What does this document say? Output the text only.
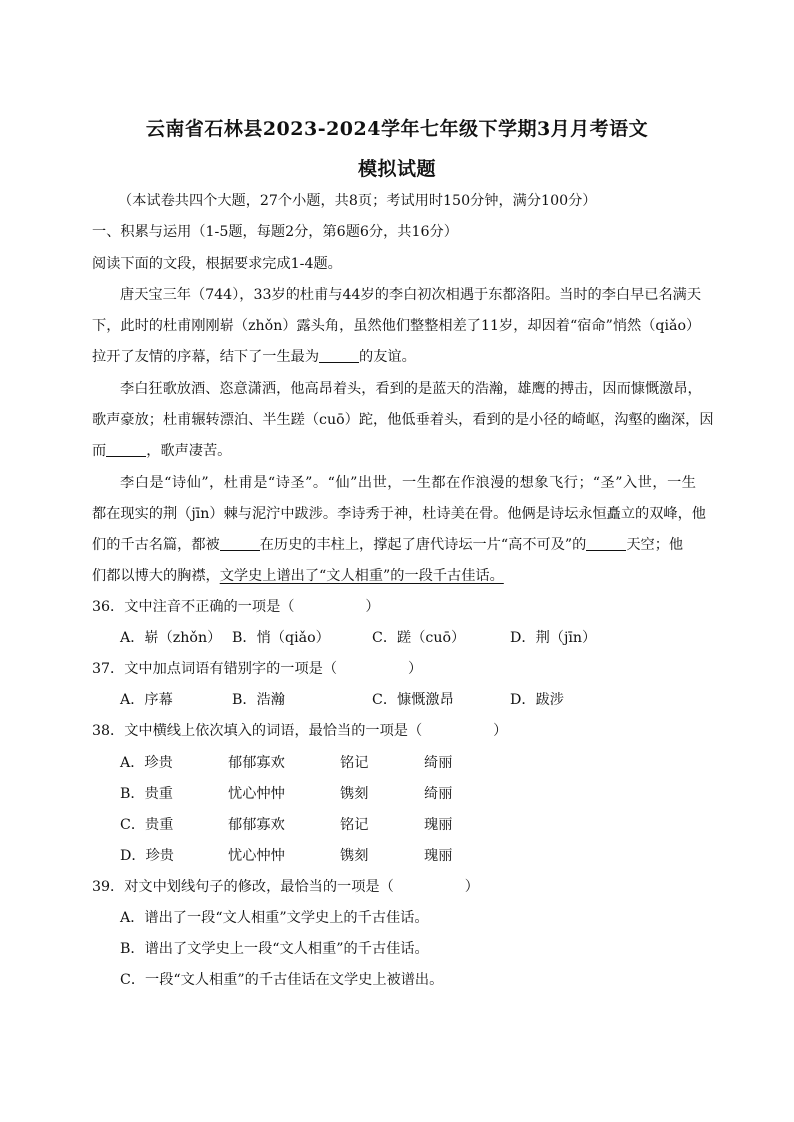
云南省石林县2023-2024学年七年级下学期3月月考语文
模拟试题
（本试卷共四个大题，27个小题，共8页；考试用时150分钟，满分100分）
一、积累与运用（1-5题，每题2分，第6题6分，共16分）
阅读下面的文段，根据要求完成1-4题。
唐天宝三年（744），33岁的杜甫与44岁的李白初次相遇于东都洛阳。当时的李白早已名满天
下，此时的杜甫刚刚崭（zhǒn）露头角，虽然他们整整相差了11岁，却因着“宿命”悄然（qiǎo）
拉开了友情的序幕，结下了一生最为	的友谊。
李白狂歌放酒、恣意潇洒，他高昂着头，看到的是蓝天的浩瀚，雄鹰的搏击，因而慷慨激昂，
歌声豪放；杜甫辗转漂泊、半生蹉（cuō）跎，他低垂着头，看到的是小径的崎岖，沟壑的幽深，因
而	，歌声凄苦。
李白是“诗仙”，杜甫是“诗圣”。“仙”出世，一生都在作浪漫的想象飞行；“圣”入世，一生
都在现实的荆（jīn）棘与泥泞中跋涉。李诗秀于神，杜诗美在骨。他俩是诗坛永恒矗立的双峰，他
们的千古名篇，都被	在历史的丰柱上，撑起了唐代诗坛一片“高不可及”的	天空；他
们都以博大的胸襟，文学史上谱出了“文人相重”的一段千古佳话。
36．文中注音不正确的一项是（　　　　　）
A．崭（zhǒn） B．悄（qiǎo）	C．蹉（cuō）	D．荆（jīn）
37．文中加点词语有错别字的一项是（　　　　　）
A．序幕	B．浩瀚	C．慷慨激昂	D．跋涉
38．文中横线上依次填入的词语，最恰当的一项是（　　　　　）
A．珍贵	郁郁寡欢	铭记	绮丽
B．贵重	忧心忡忡	镌刻	绮丽
C．贵重	郁郁寡欢	铭记	瑰丽
D．珍贵	忧心忡忡	镌刻	瑰丽
39．对文中划线句子的修改，最恰当的一项是（　　　　　）
A．谱出了一段“文人相重”文学史上的千古佳话。
B．谱出了文学史上一段“文人相重”的千古佳话。
C．一段“文人相重”的千古佳话在文学史上被谱出。
